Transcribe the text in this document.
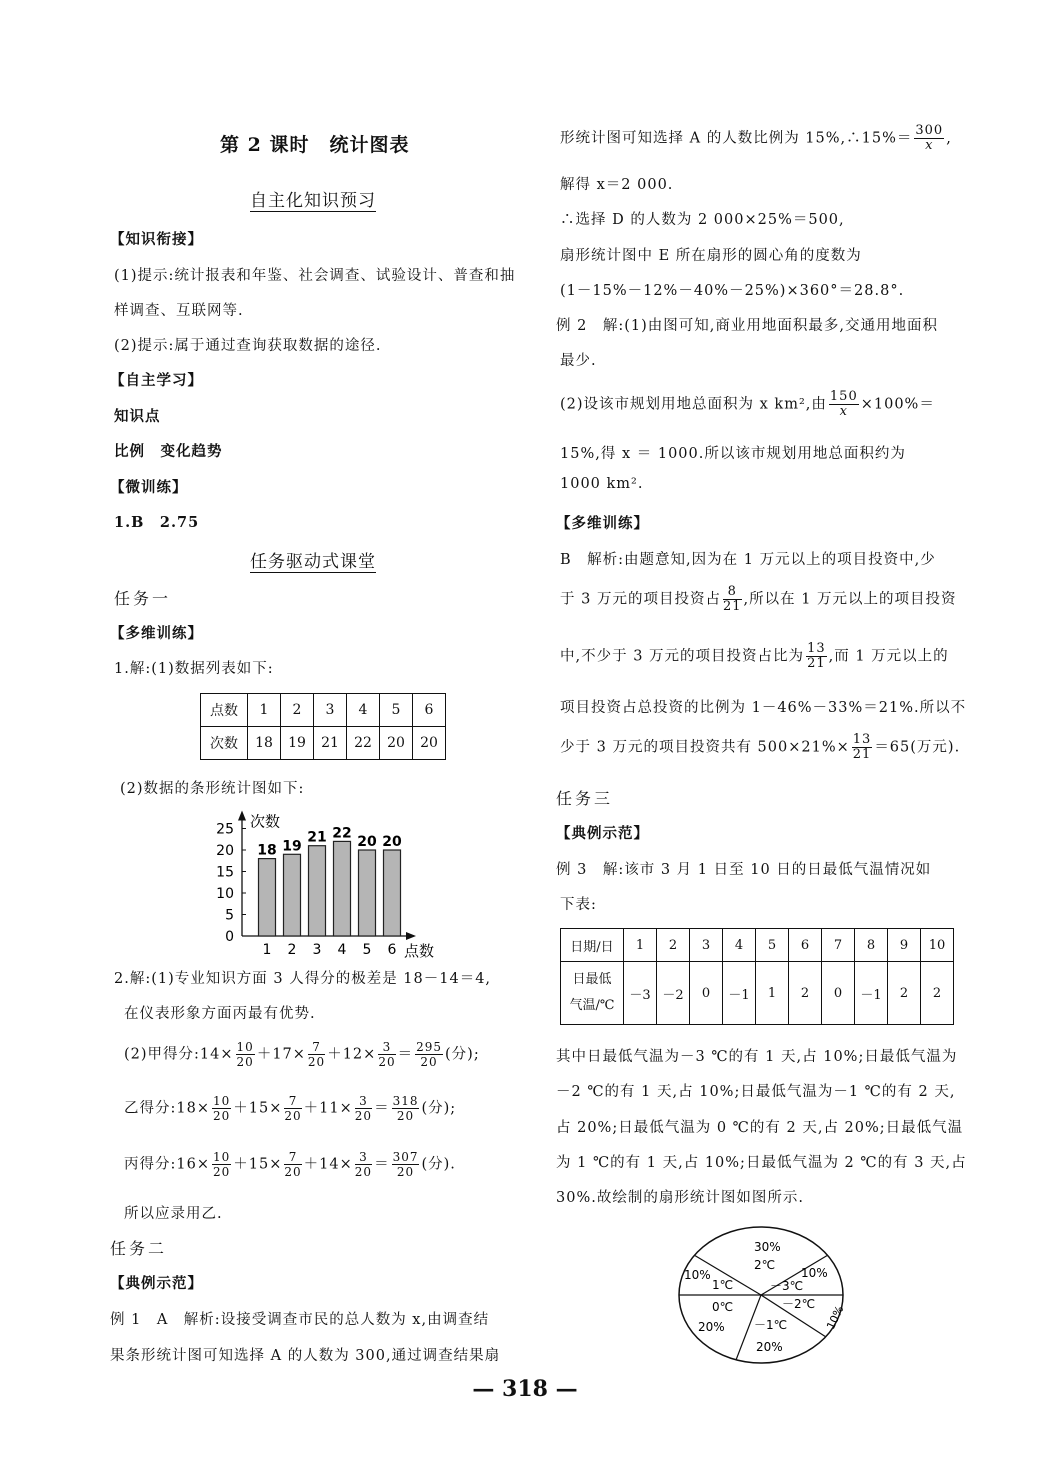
第 2 课时　统计图表
自主化知识预习
【知识衔接】
(1)提示:统计报表和年鉴、社会调查、试验设计、普查和抽
样调查、互联网等.
(2)提示:属于通过查询获取数据的途径.
【自主学习】
知识点
比例　变化趋势
【微训练】
1.B　2.75
任务驱动式课堂
任务一
【多维训练】
1.解:(1)数据列表如下:
点数	1	2	3	4	5	6
次数	18	19	21	22	20	20
(2)数据的条形统计图如下:
0
5
10
15
20
25 次数
点数
18
1
19
2
21
3
22
4
20
5
20
6
2.解:(1)专业知识方面 3 人得分的极差是 18－14＝4,
在仪表形象方面丙最有优势.
(2)甲得分:14× $\frac{10}{20} +17\times \frac{7}{20} +12\times \frac{3}{20} = \frac{295}{20}$ (分);
乙得分:18× $\frac{10}{20} +15\times \frac{7}{20} +11\times \frac{3}{20} = \frac{318}{20}$ (分);
丙得分:16× $\frac{10}{20} +15\times \frac{7}{20} +14\times \frac{3}{20} = \frac{307}{20}$ (分).
所以应录用乙.
任务二
【典例示范】
例 1　A　解析:设接受调查市民的总人数为 x,由调查结
果条形统计图可知选择 A 的人数为 300,通过调查结果扇
形统计图可知选择 A 的人数比例为 15%,∴15%＝ $\frac{300}{x}$ ,
解得 x＝2 000.
∴选择 D 的人数为 2 000×25%＝500,
扇形统计图中 E 所在扇形的圆心角的度数为
(1－15%－12%－40%－25%)×360°＝28.8°.
例 2　解:(1)由图可知,商业用地面积最多,交通用地面积
最少.
(2)设该市规划用地总面积为 x km²,由 $\frac{150}{x} \times 100\%=$
15%,得 x ＝ 1000.所以该市规划用地总面积约为
1000 km².
【多维训练】
B　解析:由题意知,因为在 1 万元以上的项目投资中,少
于 3 万元的项目投资占 $\frac{8}{21}$ ,所以在 1 万元以上的项目投资
中,不少于 3 万元的项目投资占比为 $\frac{13}{21}$ ,而 1 万元以上的
项目投资占总投资的比例为 1－46%－33%＝21%.所以不
少于 3 万元的项目投资共有 $500\times 21\%\times \frac{13}{21} =65$(万元).
任务三
【典例示范】
例 3　解:该市 3 月 1 日至 10 日的日最低气温情况如
下表:
日期/日	1	2	3	4	5	6	7	8	9	10
日最低
气温/℃	－3	－2	0	－1	1	2	0	－1	2	2
其中日最低气温为－3 ℃的有 1 天,占 10%;日最低气温为
－2 ℃的有 1 天,占 10%;日最低气温为－1 ℃的有 2 天,
占 20%;日最低气温为 0 ℃的有 2 天,占 20%;日最低气温
为 1 ℃的有 1 天,占 10%;日最低气温为 2 ℃的有 3 天,占
30%.故绘制的扇形统计图如图所示.
30%
2℃
10%
1℃
10%
－3℃
－2℃ 10%
0℃
20% －1℃
20%
— 318 —
